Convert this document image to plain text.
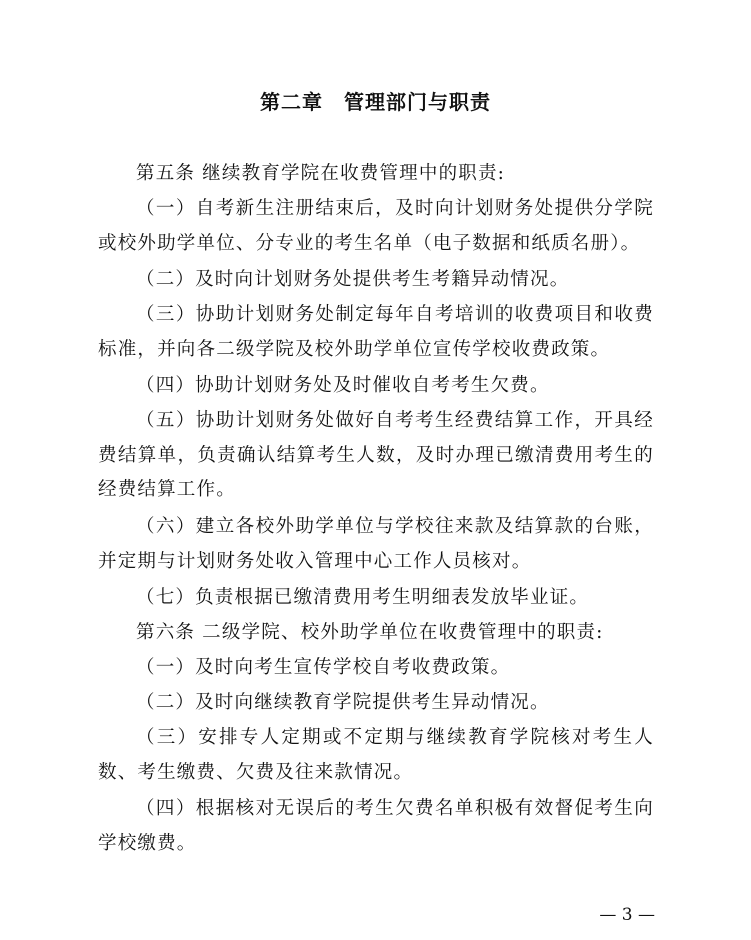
第二章　管理部门与职责

第五条 继续教育学院在收费管理中的职责:

（一）自考新生注册结束后，及时向计划财务处提供分学院或校外助学单位、分专业的考生名单（电子数据和纸质名册）。

（二）及时向计划财务处提供考生考籍异动情况。

（三）协助计划财务处制定每年自考培训的收费项目和收费标准，并向各二级学院及校外助学单位宣传学校收费政策。

（四）协助计划财务处及时催收自考考生欠费。

（五）协助计划财务处做好自考考生经费结算工作，开具经费结算单，负责确认结算考生人数，及时办理已缴清费用考生的经费结算工作。

（六）建立各校外助学单位与学校往来款及结算款的台账，并定期与计划财务处收入管理中心工作人员核对。

（七）负责根据已缴清费用考生明细表发放毕业证。

第六条 二级学院、校外助学单位在收费管理中的职责:

（一）及时向考生宣传学校自考收费政策。

（二）及时向继续教育学院提供考生异动情况。

（三）安排专人定期或不定期与继续教育学院核对考生人数、考生缴费、欠费及往来款情况。

（四）根据核对无误后的考生欠费名单积极有效督促考生向学校缴费。

— 3 —
